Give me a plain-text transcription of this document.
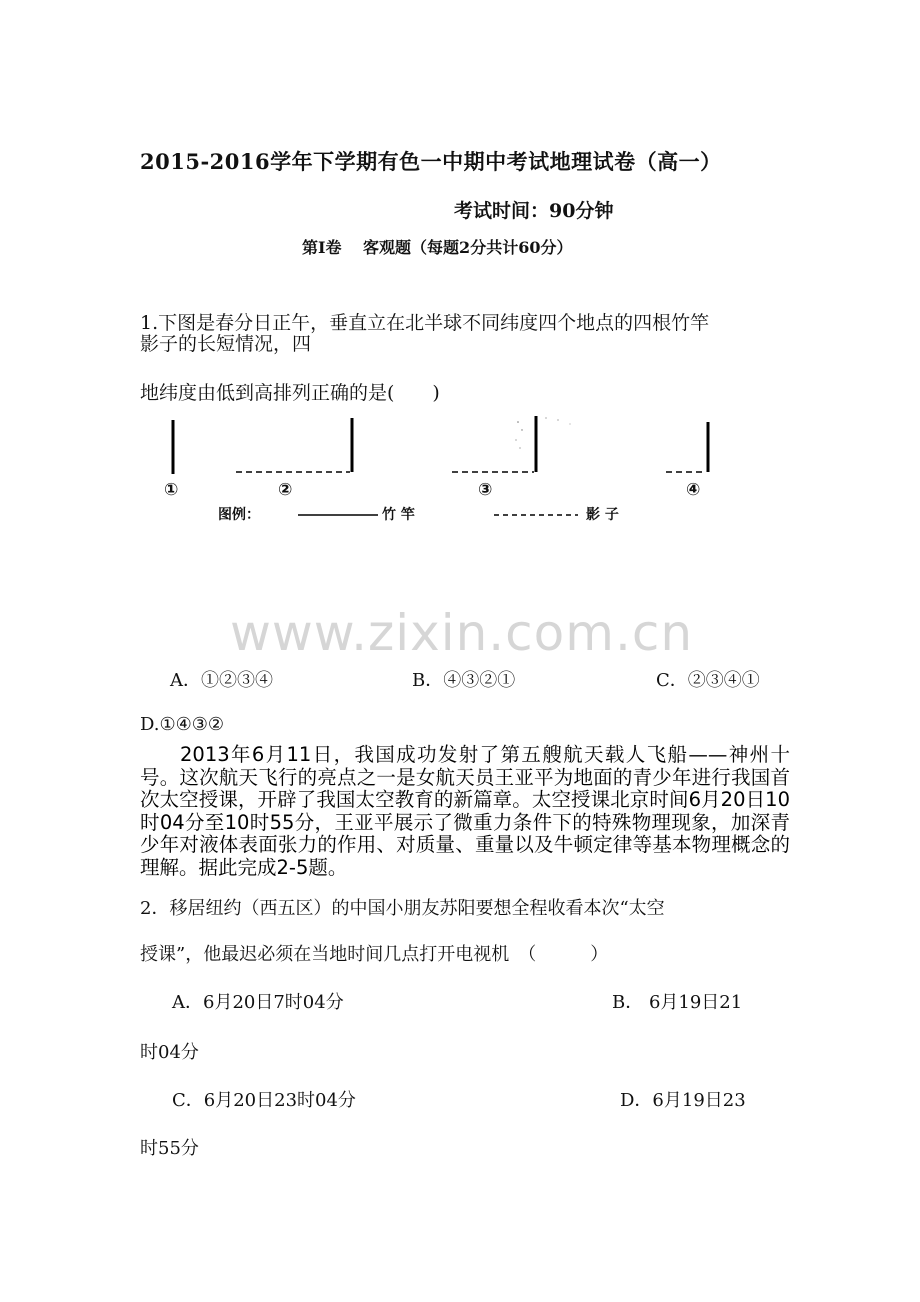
2015-2016学年下学期有色一中期中考试地理试卷（高一）
考试时间：90分钟
第Ⅰ卷　 客观题（每题2分共计60分）
1.下图是春分日正午，垂直立在北半球不同纬度四个地点的四根竹竿
影子的长短情况，四
地纬度由低到高排列正确的是(　　)
①	②	③	④
图例：	竹 竿	影 子
www.zixin.com.cn
A．①②③④	B．④③②①	C．②③④①
D.①④③②
2013年6月11日，我国成功发射了第五艘航天载人飞船——神州十号。这次航天飞行的亮点之一是女航天员王亚平为地面的青少年进行我国首次太空授课，开辟了我国太空教育的新篇章。太空授课北京时间6月20日10时04分至10时55分，王亚平展示了微重力条件下的特殊物理现象，加深青少年对液体表面张力的作用、对质量、重量以及牛顿定律等基本物理概念的理解。据此完成2-5题。
2．移居纽约（西五区）的中国小朋友苏阳要想全程收看本次“太空
授课”，他最迟必须在当地时间几点打开电视机　（　　　）
A．6月20日7时04分	B． 6月19日21
时04分
C．6月20日23时04分	D．6月19日23
时55分
